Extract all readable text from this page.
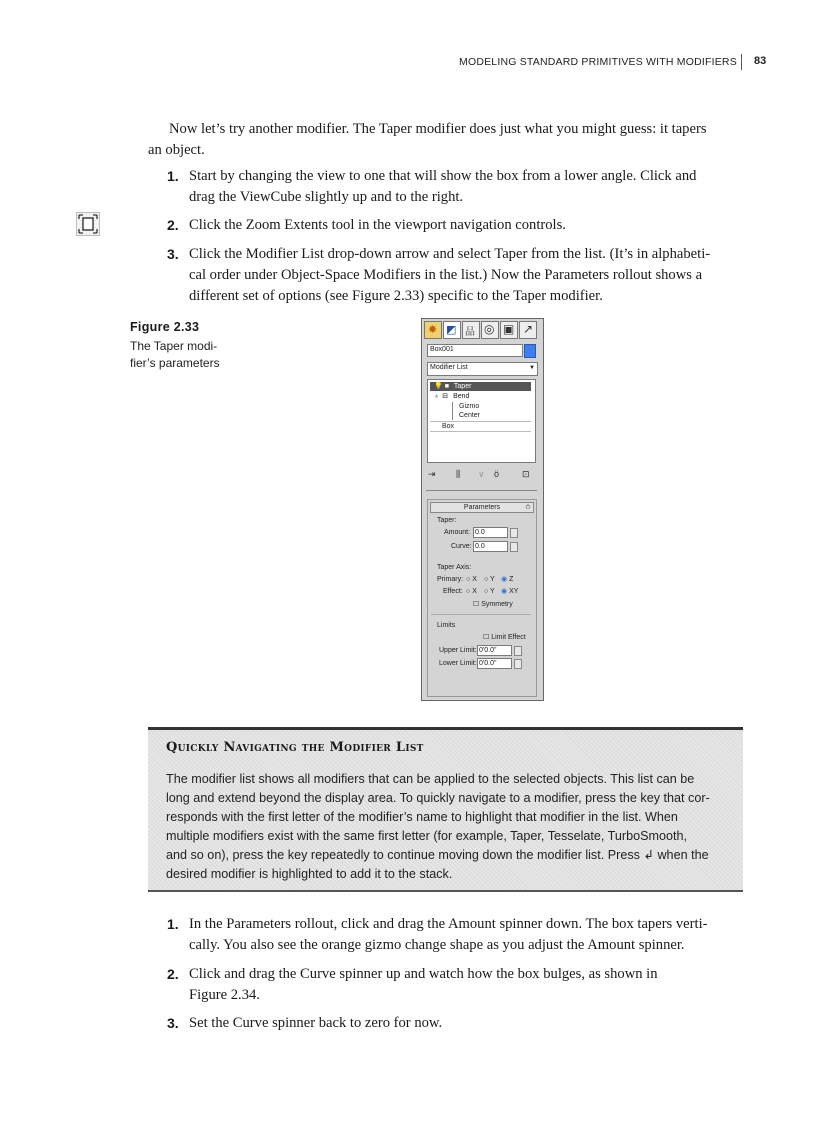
MODELING STANDARD PRIMITIVES WITH MODIFIERS 83
Now let’s try another modifier. The Taper modifier does just what you might guess: it tapers
an object.
1. Start by changing the view to one that will show the box from a lower angle. Click and
drag the ViewCube slightly up and to the right.
2. Click the Zoom Extents tool in the viewport navigation controls.
3. Click the Modifier List drop-down arrow and select Taper from the list. (It’s in alphabeti-
cal order under Object-Space Modifiers in the list.) Now the Parameters rollout shows a
different set of options (see Figure 2.33) specific to the Taper modifier.
Figure 2.33
The Taper modi-
fier’s parameters
✸ ◩ 品 ◎ ▣ ↗
Box001
Modifier List	▼
💡 ■ Taper
♁ ⊟ Bend
Gizmo
Center
Box
⇥ ⫼ ∨ ö	⊡
Parameters	✩
Taper:
Amount: 0.0
Curve: 0.0
Taper Axis:
Primary: ○ X ○ Y ◉ Z
Effect: ○ X ○ Y ◉ XY
☐ Symmetry
Limits
☐ Limit Effect
Upper Limit: 0'0.0"
Lower Limit: 0'0.0"
Quickly Navigating the Modifier List
The modifier list shows all modifiers that can be applied to the selected objects. This list can be
long and extend beyond the display area. To quickly navigate to a modifier, press the key that cor-
responds with the first letter of the modifier’s name to highlight that modifier in the list. When
multiple modifiers exist with the same first letter (for example, Taper, Tesselate, TurboSmooth,
and so on), press the key repeatedly to continue moving down the modifier list. Press ↲ when the
desired modifier is highlighted to add it to the stack.
1. In the Parameters rollout, click and drag the Amount spinner down. The box tapers verti-
cally. You also see the orange gizmo change shape as you adjust the Amount spinner.
2. Click and drag the Curve spinner up and watch how the box bulges, as shown in
Figure 2.34.
3. Set the Curve spinner back to zero for now.
